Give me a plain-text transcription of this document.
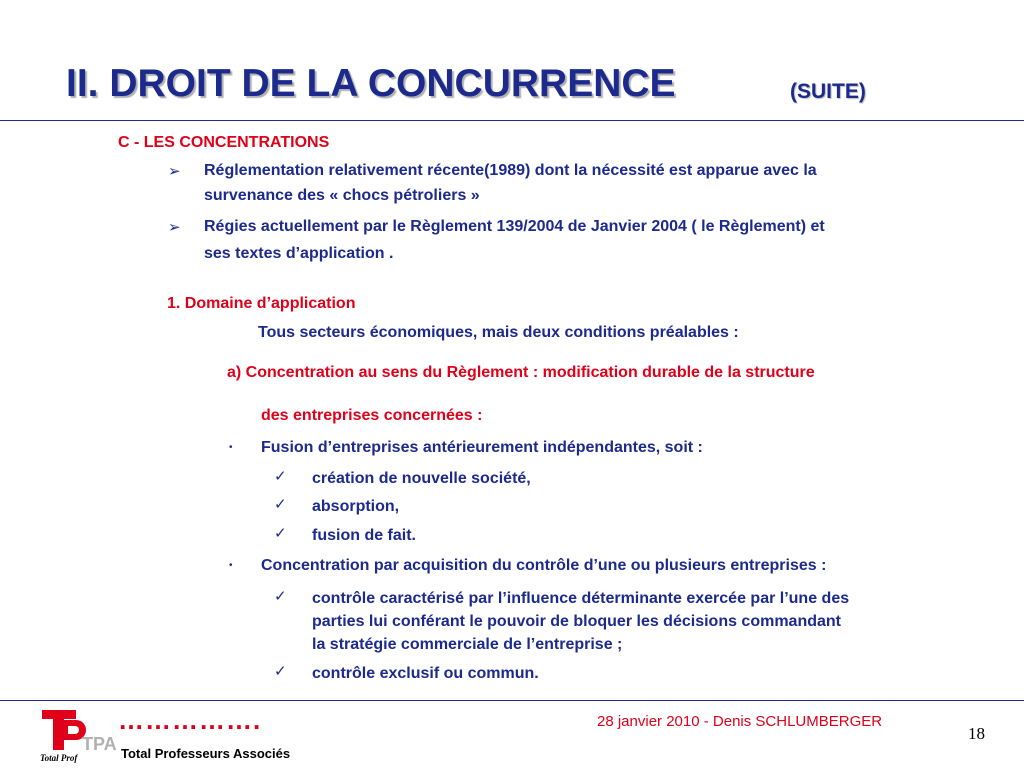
II. DROIT DE LA CONCURRENCE	(SUITE)
C - LES CONCENTRATIONS
➢ Réglementation relativement récente(1989) dont la nécessité est apparue avec la
survenance des « chocs pétroliers »
➢ Régies actuellement par le Règlement 139/2004 de Janvier 2004 ( le Règlement) et
ses textes d’application .
1. Domaine d’application
Tous secteurs économiques, mais deux conditions préalables :
a) Concentration au sens du Règlement : modification durable de la structure
des entreprises concernées :
• Fusion d’entreprises antérieurement indépendantes, soit :
✓ création de nouvelle société,
✓ absorption,
✓ fusion de fait.
• Concentration par acquisition du contrôle d’une ou plusieurs entreprises :
✓ contrôle caractérisé par l’influence déterminante exercée par l’une des
parties lui conférant le pouvoir de bloquer les décisions commandant
la stratégie commerciale de l’entreprise ;
✓ contrôle exclusif ou commun.
TPA
Total Prof
…………….
Total Professeurs Associés
28 janvier 2010 - Denis SCHLUMBERGER
18
